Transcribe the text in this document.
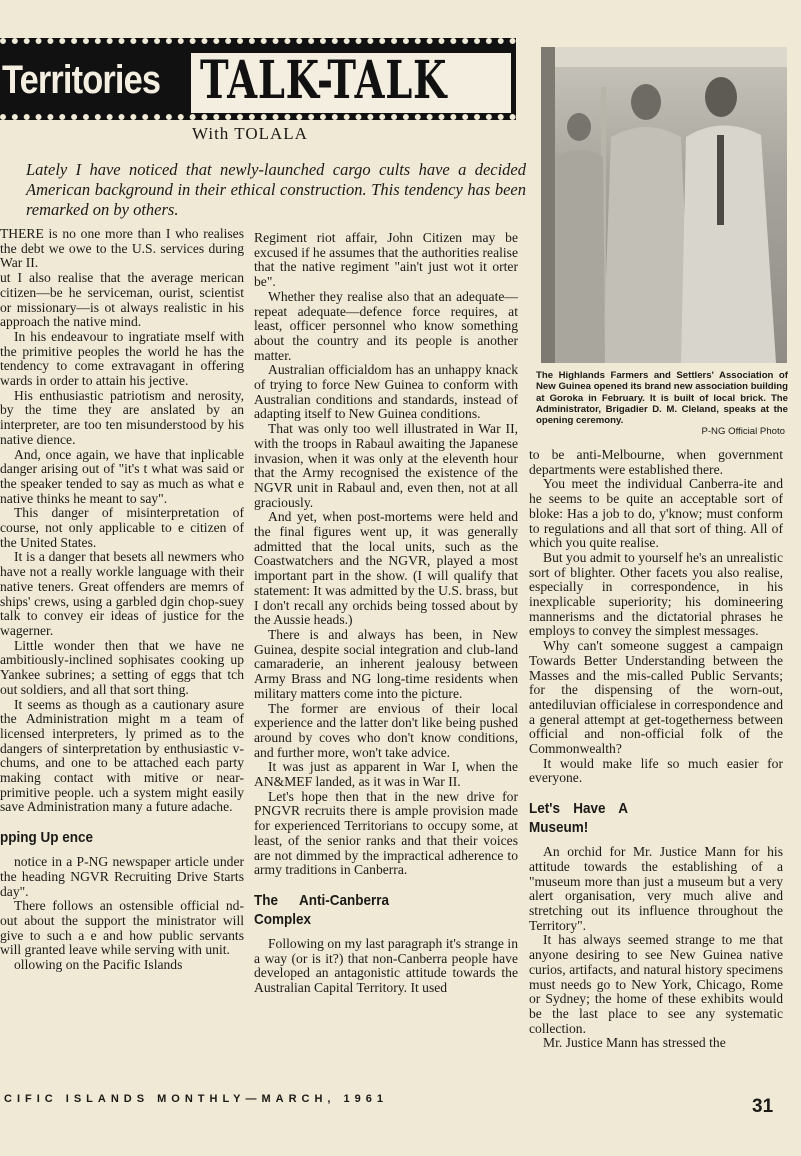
Territories TALK-TALK
With TOLALA
Lately I have noticed that newly-launched cargo cults have a decided American background in their ethical construction. This tendency has been remarked on by others.

THERE is no one more than I who realises the debt we owe to the U.S. services during War II.

ut I also realise that the average merican citizen—be he serviceman, ourist, scientist or missionary—is ot always realistic in his approach the native mind.

In his endeavour to ingratiate mself with the primitive peoples the world he has the tendency to come extravagant in offering wards in order to attain his jective.

His enthusiastic patriotism and nerosity, by the time they are anslated by an interpreter, are too ten misunderstood by his native dience.

And, once again, we have that inplicable danger arising out of "it's t what was said or the speaker tended to say as much as what e native thinks he meant to say".

This danger of misinterpretation of course, not only applicable to e citizen of the United States.

It is a danger that besets all newmers who have not a really workle language with their native teners. Great offenders are memrs of ships' crews, using a garbled dgin chop-suey talk to convey eir ideas of justice for the wagerner.

Little wonder then that we have ne ambitiously-inclined sophisates cooking up Yankee subrines; a setting of eggs that tch out soldiers, and all that sort thing.

It seems as though as a cautionary asure the Administration might m a team of licensed interpreters, ly primed as to the dangers of sinterpretation by enthusiastic v-chums, and one to be attached each party making contact with mitive or near-primitive people. uch a system might easily save Administration many a future adache.

pping Up ence

notice in a P-NG newspaper article under the heading NGVR Recruiting Drive Starts day".

There follows an ostensible official nd-out about the support the ministrator will give to such a e and how public servants will granted leave while serving with unit.

ollowing on the Pacific Islands

Regiment riot affair, John Citizen may be excused if he assumes that the authorities realise that the native regiment "ain't just wot it orter be".

Whether they realise also that an adequate—repeat adequate—defence force requires, at least, officer personnel who know something about the country and its people is another matter.

Australian officialdom has an unhappy knack of trying to force New Guinea to conform with Australian conditions and standards, instead of adapting itself to New Guinea conditions.

That was only too well illustrated in War II, with the troops in Rabaul awaiting the Japanese invasion, when it was only at the eleventh hour that the Army recognised the existence of the NGVR unit in Rabaul and, even then, not at all graciously.

And yet, when post-mortems were held and the final figures went up, it was generally admitted that the local units, such as the Coastwatchers and the NGVR, played a most important part in the show. (I will qualify that statement: It was admitted by the U.S. brass, but I don't recall any orchids being tossed about by the Aussie heads.)

There is and always has been, in New Guinea, despite social integration and club-land camaraderie, an inherent jealousy between Army Brass and NG long-time residents when military matters come into the picture.

The former are envious of their local experience and the latter don't like being pushed around by coves who don't know conditions, and further more, won't take advice.

It was just as apparent in War I, when the AN&MEF landed, as it was in War II.

Let's hope then that in the new drive for PNGVR recruits there is ample provision made for experienced Territorians to occupy some, at least, of the senior ranks and that their voices are not dimmed by the impractical adherence to army traditions in Canberra.

The Anti-Canberra Complex

Following on my last paragraph it's strange in a way (or is it?) that non-Canberra people have developed an antagonistic attitude towards the Australian Capital Territory. It used

The Highlands Farmers and Settlers' Association of New Guinea opened its brand new association building at Goroka in February. It is built of local brick. The Administrator, Brigadier D. M. Cleland, speaks at the opening ceremony.
P-NG Official Photo

to be anti-Melbourne, when government departments were established there.

You meet the individual Canberra-ite and he seems to be quite an acceptable sort of bloke: Has a job to do, y'know; must conform to regulations and all that sort of thing. All of which you quite realise.

But you admit to yourself he's an unrealistic sort of blighter. Other facets you also realise, especially in correspondence, in his inexplicable superiority; his domineering mannerisms and the dictatorial phrases he employs to convey the simplest messages.

Why can't someone suggest a campaign Towards Better Understanding between the Masses and the mis-called Public Servants; for the dispensing of the worn-out, antediluvian officialese in correspondence and a general attempt at get-togetherness between official and non-official folk of the Commonwealth?

It would make life so much easier for everyone.

Let's Have A Museum!

An orchid for Mr. Justice Mann for his attitude towards the establishing of a "museum more than just a museum but a very alert organisation, very much alive and stretching out its influence throughout the Territory".

It has always seemed strange to me that anyone desiring to see New Guinea native curios, artifacts, and natural history specimens must needs go to New York, Chicago, Rome or Sydney; the home of these exhibits would be the last place to see any systematic collection.

Mr. Justice Mann has stressed the

CIFIC ISLANDS MONTHLY—MARCH, 1961	31
